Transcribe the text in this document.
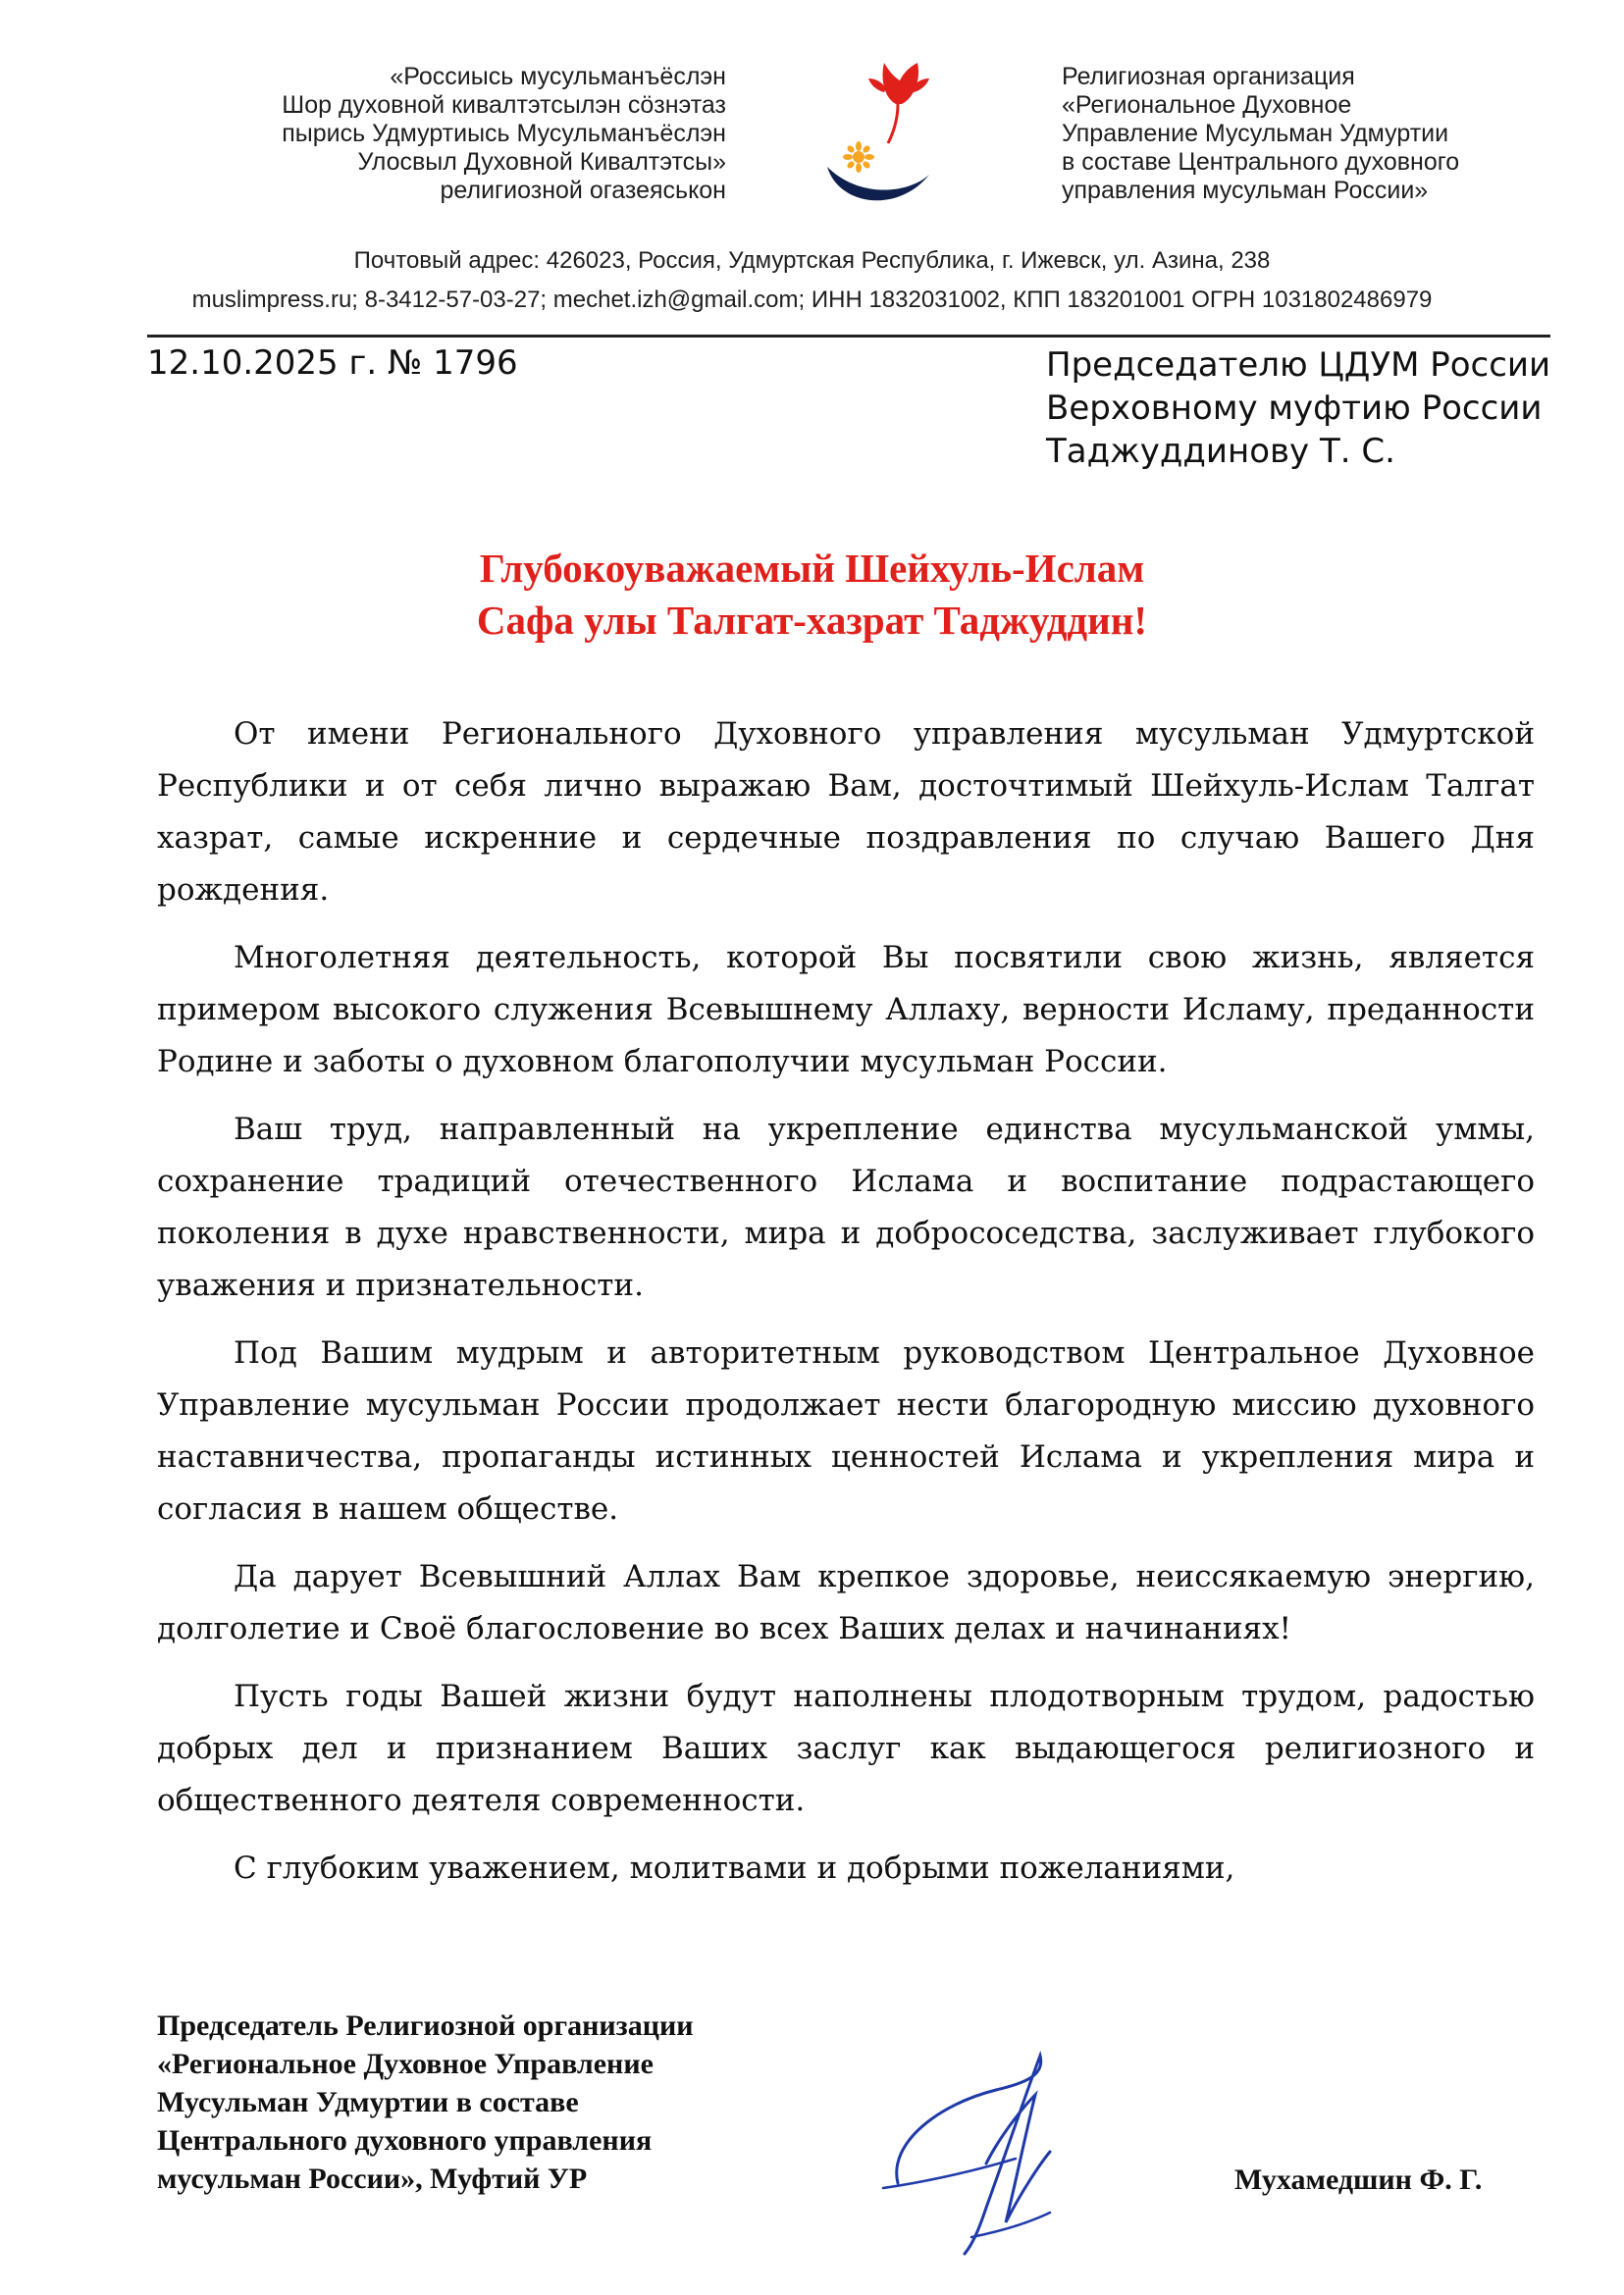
«Россиысь мусульманъёслэн
Шор духовной кивалтэтсылэн сöзнэтаз
пырись Удмуртиысь Мусульманъёслэн
Улосвыл Духовной Кивалтэтсы»
религиозной огазеяськон
Религиозная организация
«Региональное Духовное
Управление Мусульман Удмуртии
в составе Центрального духовного
управления мусульман России»
Почтовый адрес: 426023, Россия, Удмуртская Республика, г. Ижевск, ул. Азина, 238
muslimpress.ru; 8-3412-57-03-27; mechet.izh@gmail.com; ИНН 1832031002, КПП 183201001 ОГРН 1031802486979
12.10.2025 г. № 1796	Председателю ЦДУМ России
Верховному муфтию России
Таджуддинову Т. С.
Глубокоуважаемый Шейхуль-Ислам
Сафа улы Талгат-хазрат Таджуддин!

От имени Регионального Духовного управления мусульман Удмуртской Республики и от себя лично выражаю Вам, досточтимый Шейхуль-Ислам Талгат хазрат, самые искренние и сердечные поздравления по случаю Вашего Дня рождения.

Многолетняя деятельность, которой Вы посвятили свою жизнь, является примером высокого служения Всевышнему Аллаху, верности Исламу, преданности Родине и заботы о духовном благополучии мусульман России.

Ваш труд, направленный на укрепление единства мусульманской уммы, сохранение традиций отечественного Ислама и воспитание подрастающего поколения в духе нравственности, мира и добрососедства, заслуживает глубокого уважения и признательности.

Под Вашим мудрым и авторитетным руководством Центральное Духовное Управление мусульман России продолжает нести благородную миссию духовного наставничества, пропаганды истинных ценностей Ислама и укрепления мира и согласия в нашем обществе.

Да дарует Всевышний Аллах Вам крепкое здоровье, неиссякаемую энергию, долголетие и Своё благословение во всех Ваших делах и начинаниях!

Пусть годы Вашей жизни будут наполнены плодотворным трудом, радостью добрых дел и признанием Ваших заслуг как выдающегося религиозного и общественного деятеля современности.

С глубоким уважением, молитвами и добрыми пожеланиями,

Председатель Религиозной организации
«Региональное Духовное Управление
Мусульман Удмуртии в составе
Центрального духовного управления
мусульман России», Муфтий УР	Мухамедшин Ф. Г.
